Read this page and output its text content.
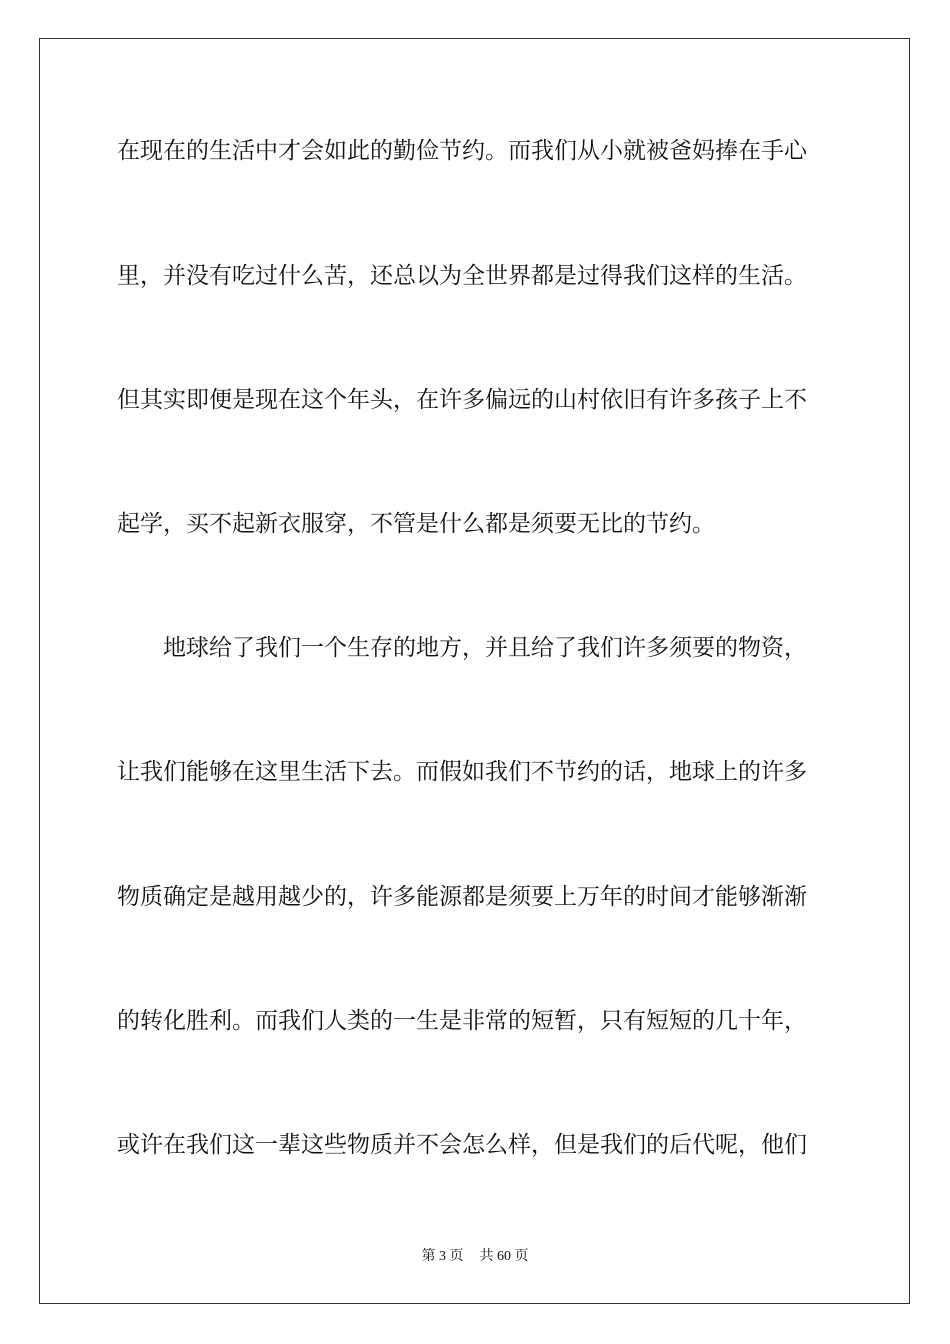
在现在的生活中才会如此的勤俭节约。而我们从小就被爸妈捧在手心
里，并没有吃过什么苦，还总以为全世界都是过得我们这样的生活。
但其实即便是现在这个年头，在许多偏远的山村依旧有许多孩子上不
起学，买不起新衣服穿，不管是什么都是须要无比的节约。
地球给了我们一个生存的地方，并且给了我们许多须要的物资，
让我们能够在这里生活下去。而假如我们不节约的话，地球上的许多
物质确定是越用越少的，许多能源都是须要上万年的时间才能够渐渐
的转化胜利。而我们人类的一生是非常的短暂，只有短短的几十年，
或许在我们这一辈这些物质并不会怎么样，但是我们的后代呢，他们
第 3 页 共 60 页
